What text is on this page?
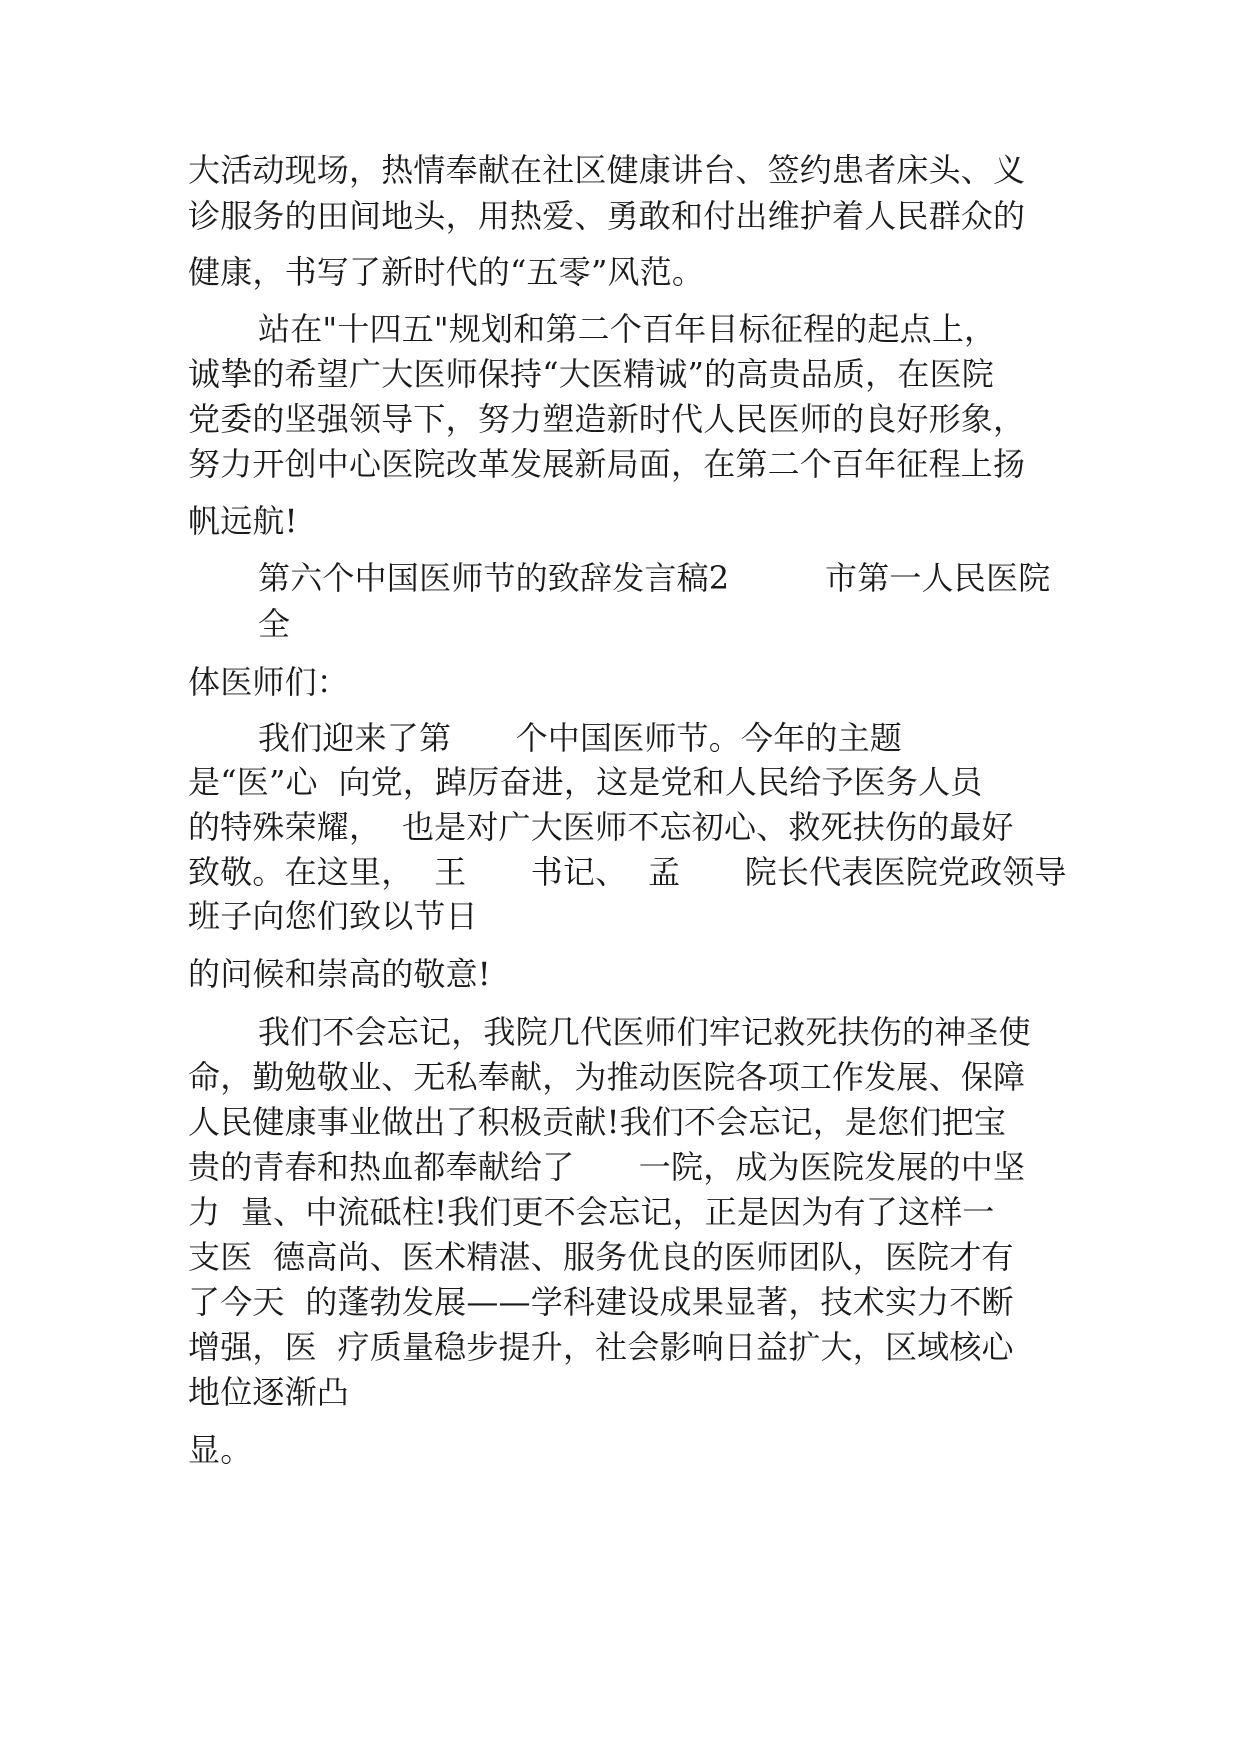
大活动现场，热情奉献在社区健康讲台、签约患者床头、义

诊服务的田间地头，用热爱、勇敢和付出维护着人民群众的

健康，书写了新时代的“五零”风范。

站在"十四五"规划和第二个百年目标征程的起点上，

诚挚的希望广大医师保持“大医精诚”的高贵品质，在医院

党委的坚强领导下，努力塑造新时代人民医师的良好形象，

努力开创中心医院改革发展新局面，在第二个百年征程上扬

帆远航!

第六个中国医师节的致辞发言稿2	市第一人民医院

全

体医师们：

我们迎来了第　　个中国医师节。今年的主题

是“医”心  向党，踔厉奋进，这是党和人民给予医务人员

的特殊荣耀，  也是对广大医师不忘初心、救死扶伤的最好

致敬。在这里，  王　　书记、  孟　　院长代表医院党政领导

班子向您们致以节日

的问候和崇高的敬意!

我们不会忘记，我院几代医师们牢记救死扶伤的神圣使

命，勤勉敬业、无私奉献，为推动医院各项工作发展、保障

人民健康事业做出了积极贡献!我们不会忘记，是您们把宝

贵的青春和热血都奉献给了　　一院，成为医院发展的中坚

力  量、中流砥柱!我们更不会忘记，正是因为有了这样一

支医  德高尚、医术精湛、服务优良的医师团队，医院才有

了今天  的蓬勃发展——学科建设成果显著，技术实力不断

增强，医  疗质量稳步提升，社会影响日益扩大，区域核心

地位逐渐凸

显。
